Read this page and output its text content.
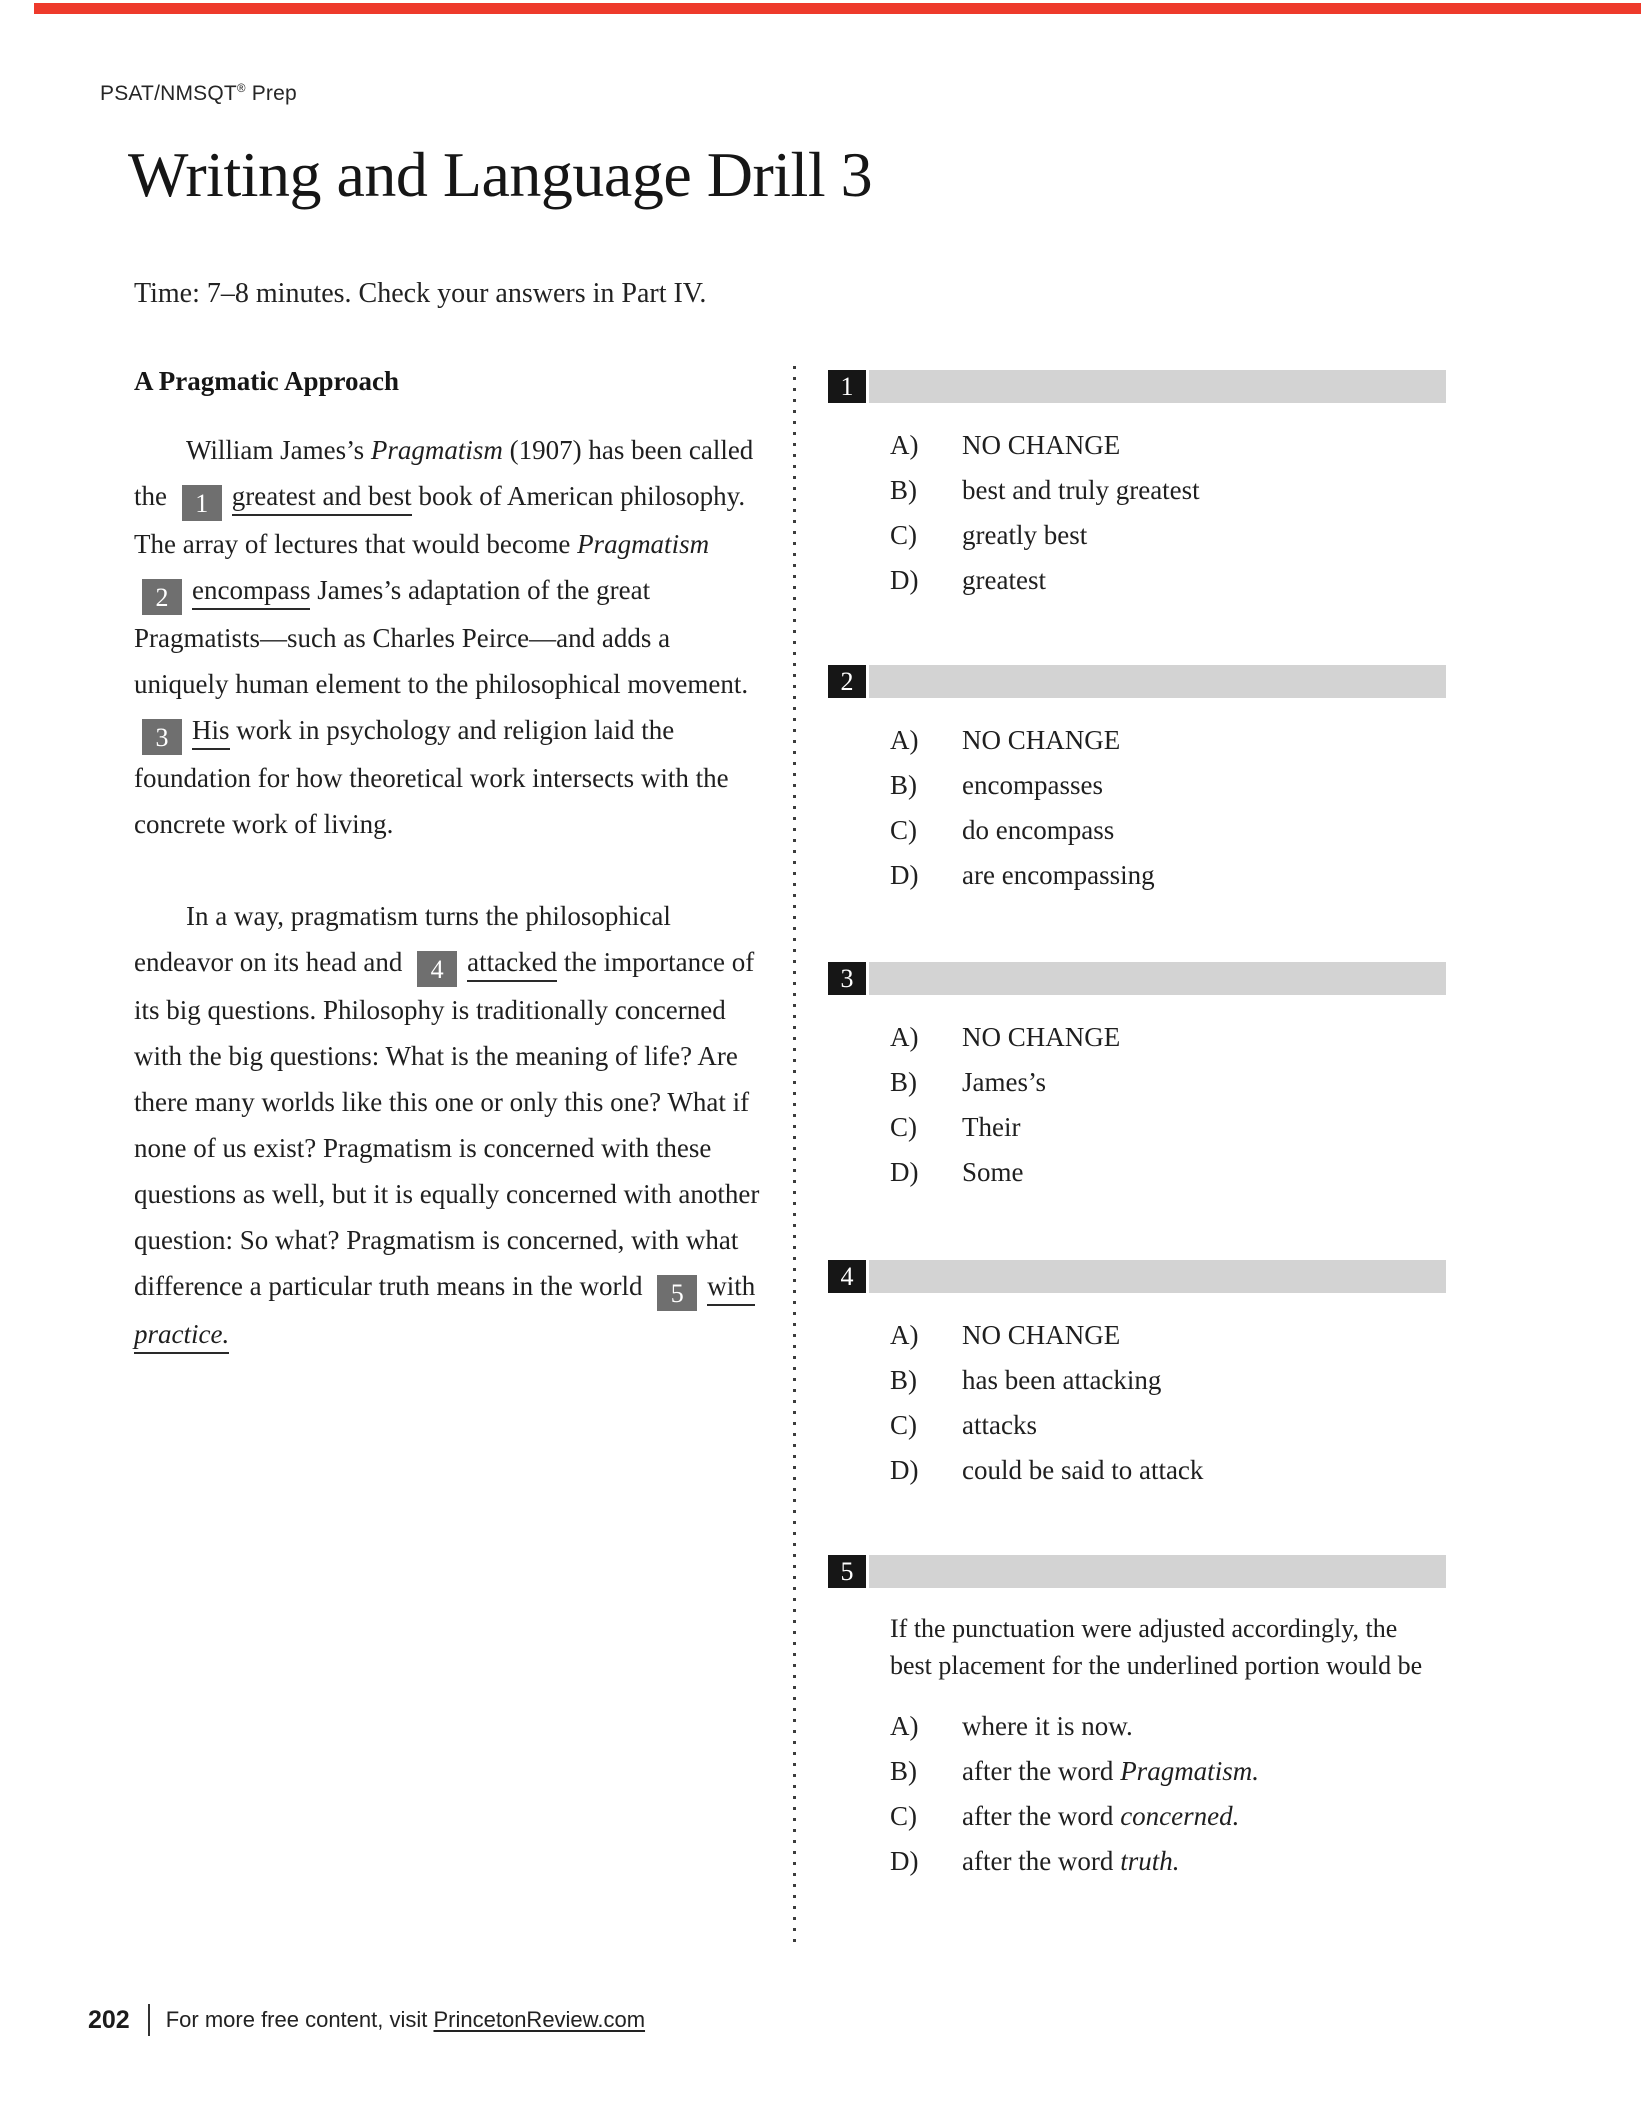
PSAT/NMSQT® Prep
Writing and Language Drill 3
Time: 7–8 minutes. Check your answers in Part IV.

A Pragmatic Approach

William James’s Pragmatism (1907) has been called the 1 greatest and best book of American philosophy. The array of lectures that would become Pragmatism 2 encompass James’s adaptation of the great Pragmatists—such as Charles Peirce—and adds a uniquely human element to the philosophical movement. 3 His work in psychology and religion laid the foundation for how theoretical work intersects with the concrete work of living.

In a way, pragmatism turns the philosophical endeavor on its head and 4 attacked the importance of its big questions. Philosophy is traditionally concerned with the big questions: What is the meaning of life? Are there many worlds like this one or only this one? What if none of us exist? Pragmatism is concerned with these questions as well, but it is equally concerned with another question: So what? Pragmatism is concerned, with what difference a particular truth means in the world 5 with practice.

1
A)	NO CHANGE
B)	best and truly greatest
C)	greatly best
D)	greatest
2
A)	NO CHANGE
B)	encompasses
C)	do encompass
D)	are encompassing
3
A)	NO CHANGE
B)	James’s
C)	Their
D)	Some
4
A)	NO CHANGE
B)	has been attacking
C)	attacks
D)	could be said to attack
5

If the punctuation were adjusted accordingly, the best placement for the underlined portion would be

A)	where it is now.
B)	after the word Pragmatism.
C)	after the word concerned.
D)	after the word truth.
202 For more free content, visit PrincetonReview.com
